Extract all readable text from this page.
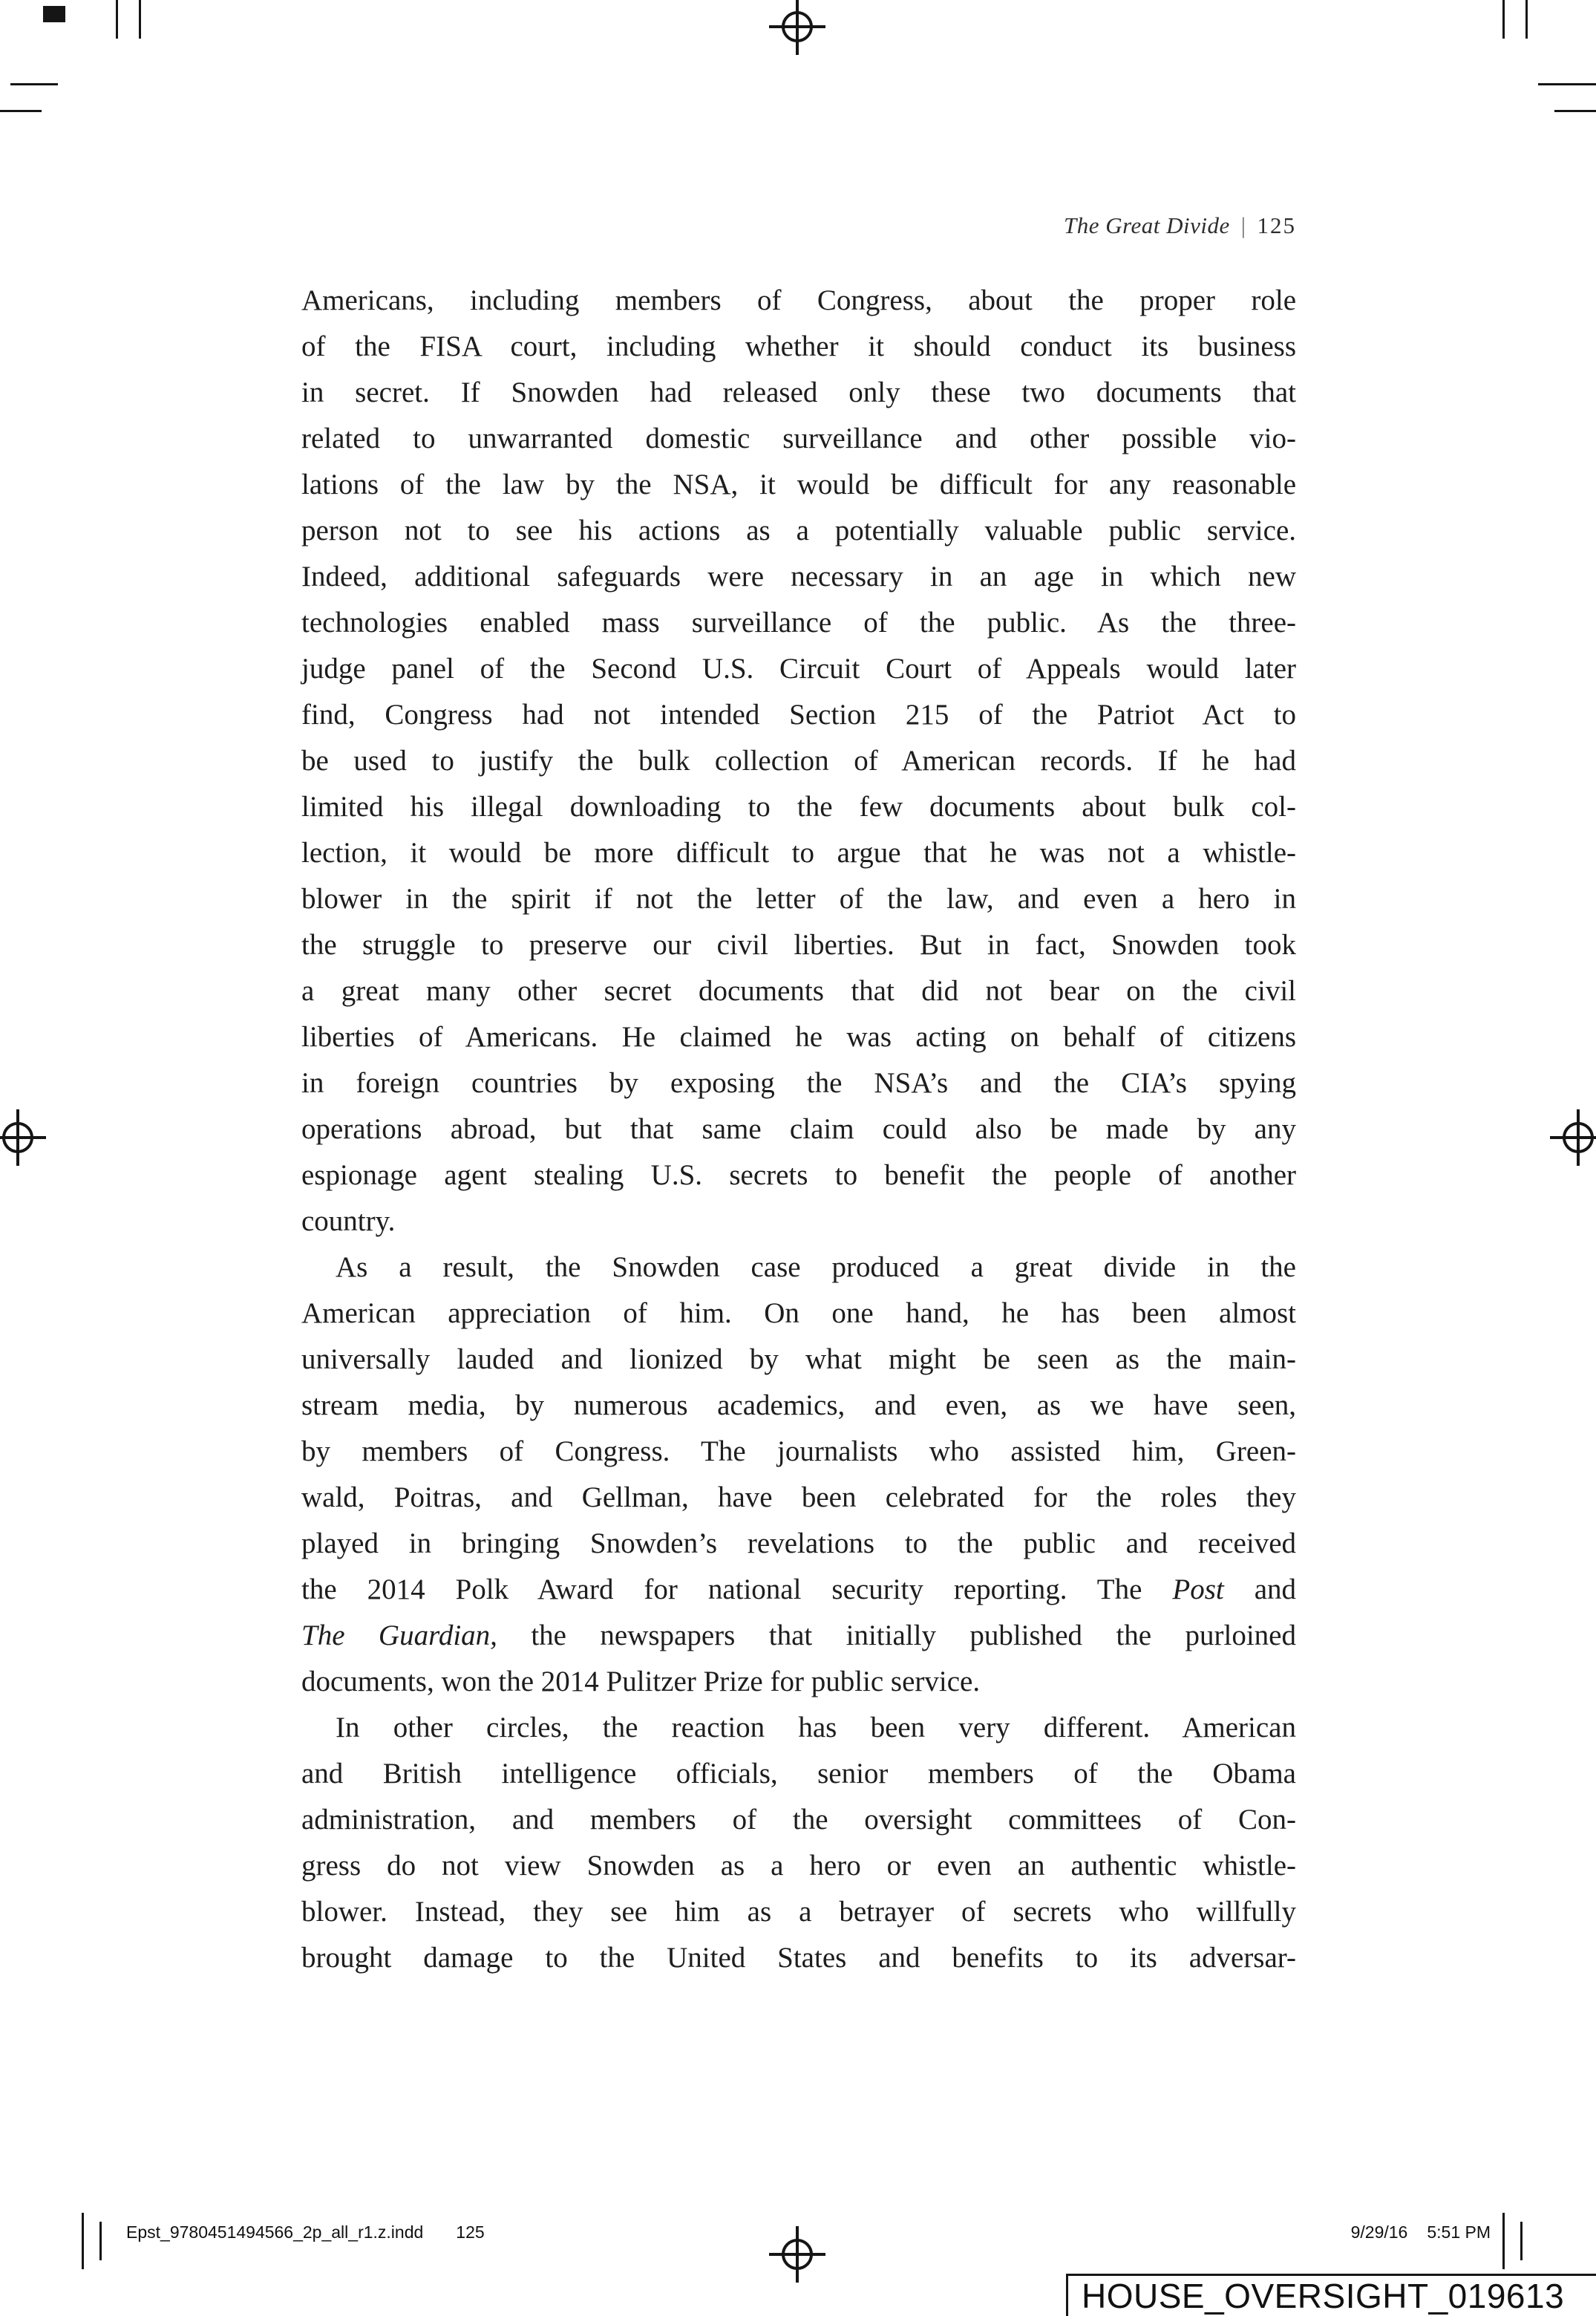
The Great Divide | 125
Americans, including members of Congress, about the proper role
of the FISA court, including whether it should conduct its business
in secret. If Snowden had released only these two documents that
related to unwarranted domestic surveillance and other possible vio-
lations of the law by the NSA, it would be difficult for any reasonable
person not to see his actions as a potentially valuable public service.
Indeed, additional safeguards were necessary in an age in which new
technologies enabled mass surveillance of the public. As the three-
judge panel of the Second U.S. Circuit Court of Appeals would later
find, Congress had not intended Section 215 of the Patriot Act to
be used to justify the bulk collection of American records. If he had
limited his illegal downloading to the few documents about bulk col-
lection, it would be more difficult to argue that he was not a whistle-
blower in the spirit if not the letter of the law, and even a hero in
the struggle to preserve our civil liberties. But in fact, Snowden took
a great many other secret documents that did not bear on the civil
liberties of Americans. He claimed he was acting on behalf of citizens
in foreign countries by exposing the NSA’s and the CIA’s spying
operations abroad, but that same claim could also be made by any
espionage agent stealing U.S. secrets to benefit the people of another
country.
As a result, the Snowden case produced a great divide in the
American appreciation of him. On one hand, he has been almost
universally lauded and lionized by what might be seen as the main-
stream media, by numerous academics, and even, as we have seen,
by members of Congress. The journalists who assisted him, Green-
wald, Poitras, and Gellman, have been celebrated for the roles they
played in bringing Snowden’s revelations to the public and received
the 2014 Polk Award for national security reporting. The Post and
The Guardian, the newspapers that initially published the purloined
documents, won the 2014 Pulitzer Prize for public service.
In other circles, the reaction has been very different. American
and British intelligence officials, senior members of the Obama
administration, and members of the oversight committees of Con-
gress do not view Snowden as a hero or even an authentic whistle-
blower. Instead, they see him as a betrayer of secrets who willfully
brought damage to the United States and benefits to its adversar-
Epst_9780451494566_2p_all_r1.z.indd 125	9/29/16 5:51 PM
HOUSE_OVERSIGHT_019613
